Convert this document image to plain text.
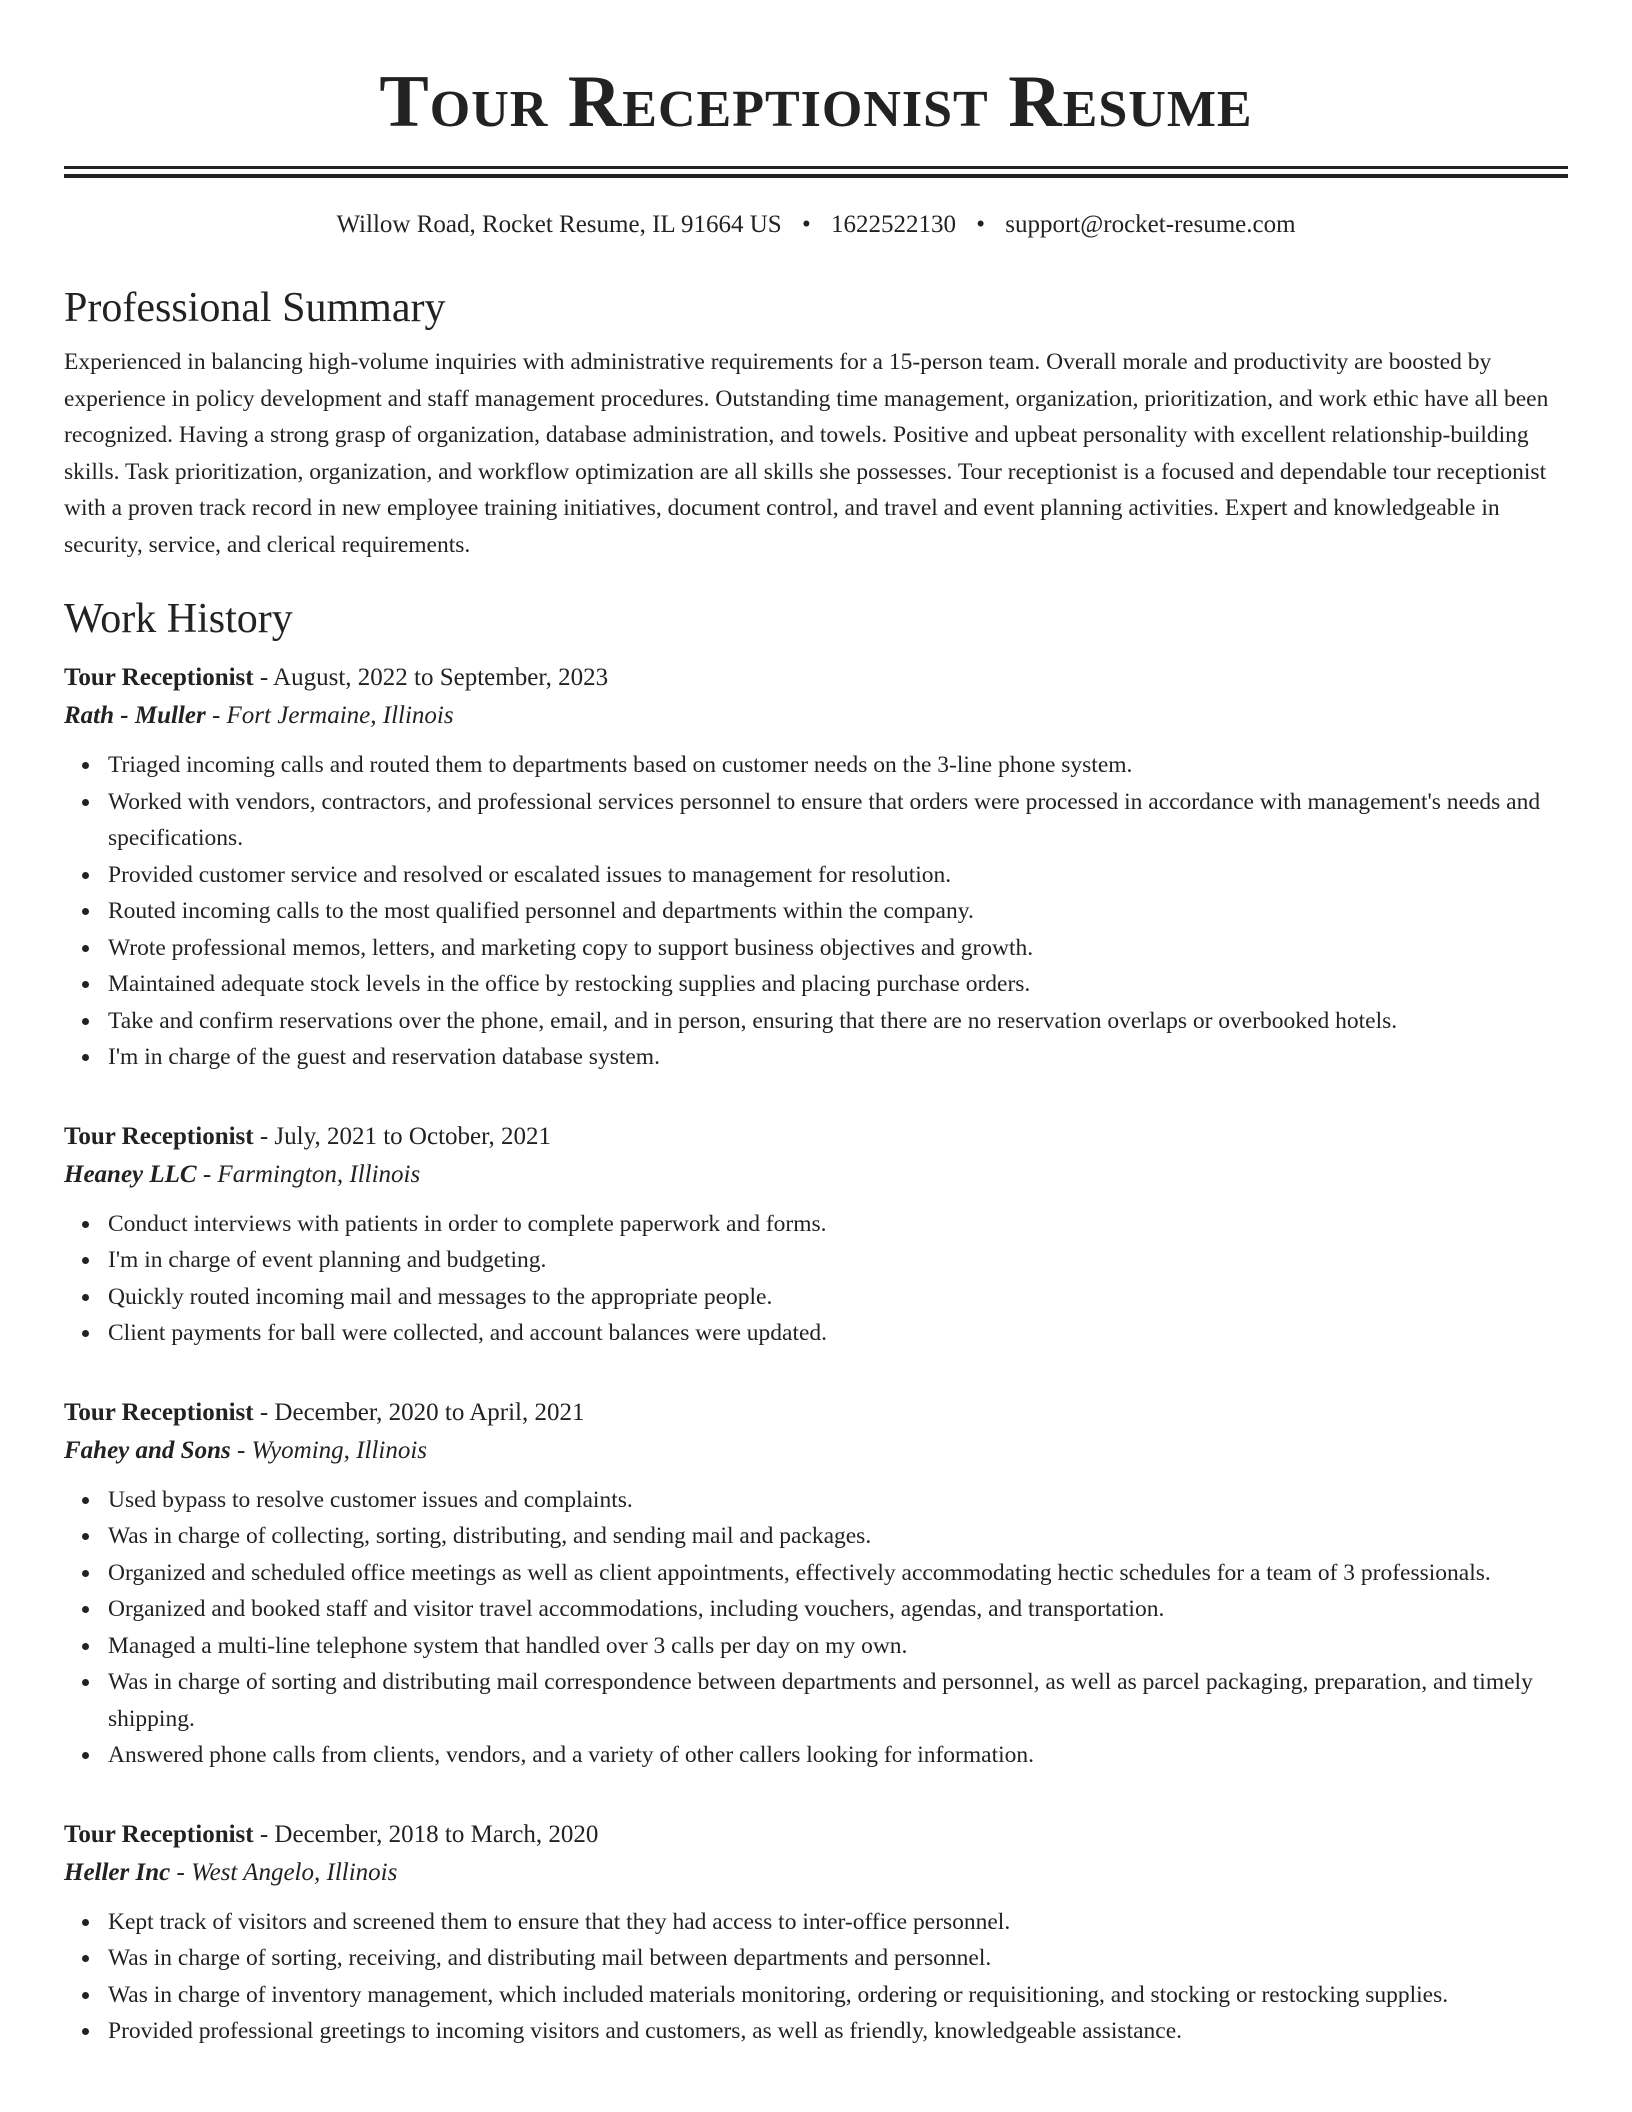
Tour Receptionist Resume
Willow Road, Rocket Resume, IL 91664 US • 1622522130 • support@rocket-resume.com
Professional Summary

Experienced in balancing high-volume inquiries with administrative requirements for a 15-person team. Overall morale and productivity are boosted by experience in policy development and staff management procedures. Outstanding time management, organization, prioritization, and work ethic have all been recognized. Having a strong grasp of organization, database administration, and towels. Positive and upbeat personality with excellent relationship-building skills. Task prioritization, organization, and workflow optimization are all skills she possesses. Tour receptionist is a focused and dependable tour receptionist with a proven track record in new employee training initiatives, document control, and travel and event planning activities. Expert and knowledgeable in security, service, and clerical requirements.

Work History
Tour Receptionist - August, 2022 to September, 2023
Rath - Muller - Fort Jermaine, Illinois
Triaged incoming calls and routed them to departments based on customer needs on the 3-line phone system.
Worked with vendors, contractors, and professional services personnel to ensure that orders were processed in accordance with management's needs and specifications.
Provided customer service and resolved or escalated issues to management for resolution.
Routed incoming calls to the most qualified personnel and departments within the company.
Wrote professional memos, letters, and marketing copy to support business objectives and growth.
Maintained adequate stock levels in the office by restocking supplies and placing purchase orders.
Take and confirm reservations over the phone, email, and in person, ensuring that there are no reservation overlaps or overbooked hotels.
I'm in charge of the guest and reservation database system.
Tour Receptionist - July, 2021 to October, 2021
Heaney LLC - Farmington, Illinois
Conduct interviews with patients in order to complete paperwork and forms.
I'm in charge of event planning and budgeting.
Quickly routed incoming mail and messages to the appropriate people.
Client payments for ball were collected, and account balances were updated.
Tour Receptionist - December, 2020 to April, 2021
Fahey and Sons - Wyoming, Illinois
Used bypass to resolve customer issues and complaints.
Was in charge of collecting, sorting, distributing, and sending mail and packages.
Organized and scheduled office meetings as well as client appointments, effectively accommodating hectic schedules for a team of 3 professionals.
Organized and booked staff and visitor travel accommodations, including vouchers, agendas, and transportation.
Managed a multi-line telephone system that handled over 3 calls per day on my own.
Was in charge of sorting and distributing mail correspondence between departments and personnel, as well as parcel packaging, preparation, and timely shipping.
Answered phone calls from clients, vendors, and a variety of other callers looking for information.
Tour Receptionist - December, 2018 to March, 2020
Heller Inc - West Angelo, Illinois
Kept track of visitors and screened them to ensure that they had access to inter-office personnel.
Was in charge of sorting, receiving, and distributing mail between departments and personnel.
Was in charge of inventory management, which included materials monitoring, ordering or requisitioning, and stocking or restocking supplies.
Provided professional greetings to incoming visitors and customers, as well as friendly, knowledgeable assistance.
